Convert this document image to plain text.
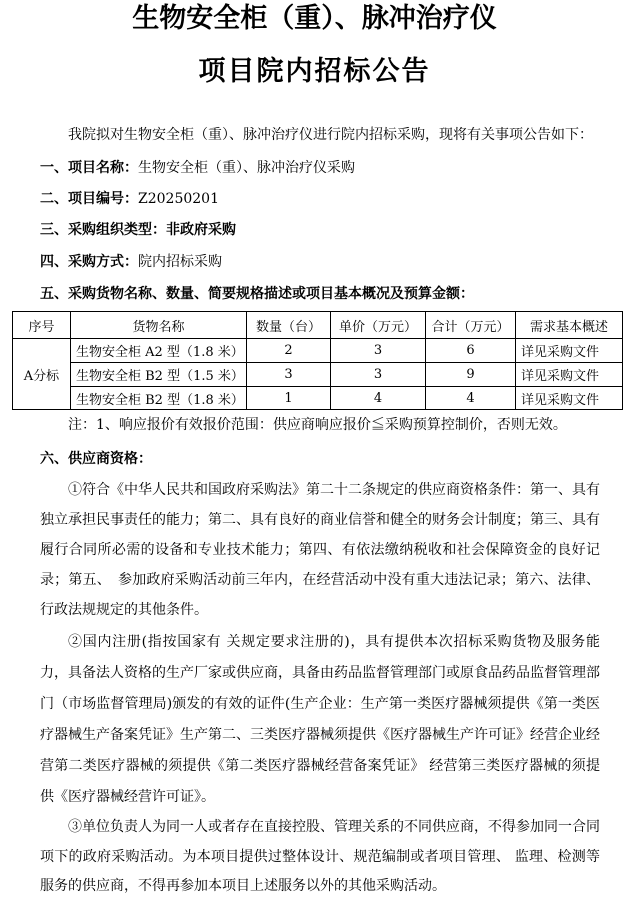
生物安全柜（重）、脉冲治疗仪
项目院内招标公告
我院拟对生物安全柜（重）、脉冲治疗仪进行院内招标采购，现将有关事项公告如下：
一、项目名称：生物安全柜（重）、脉冲治疗仪采购
二、项目编号：Z20250201
三、采购组织类型：非政府采购
四、采购方式：院内招标采购
五、采购货物名称、数量、简要规格描述或项目基本概况及预算金额：
序号	货物名称	数量（台）	单价（万元）	合计（万元）	需求基本概述
A分标	生物安全柜 A2 型（1.8 米）	2	3	6	详见采购文件
	生物安全柜 B2 型（1.5 米）	3	3	9	详见采购文件
	生物安全柜 B2 型（1.8 米）	1	4	4	详见采购文件
注：1、响应报价有效报价范围：供应商响应报价≦采购预算控制价，否则无效。
六、供应商资格：

①符合《中华人民共和国政府采购法》第二十二条规定的供应商资格条件：第一、具有独立承担民事责任的能力；第二、具有良好的商业信誉和健全的财务会计制度；第三、具有履行合同所必需的设备和专业技术能力；第四、有依法缴纳税收和社会保障资金的良好记录；第五、　参加政府采购活动前三年内，在经营活动中没有重大违法记录；第六、法律、行政法规规定的其他条件。

②国内注册(指按国家有 关规定要求注册的)，具有提供本次招标采购货物及服务能力，具备法人资格的生产厂家或供应商，具备由药品监督管理部门或原食品药品监督管理部门（市场监督管理局)颁发的有效的证件(生产企业：生产第一类医疗器械须提供《第一类医疗器械生产备案凭证》生产第二、三类医疗器械须提供《医疗器械生产许可证》经营企业经营第二类医疗器械的须提供《第二类医疗器械经营备案凭证》 经营第三类医疗器械的须提供《医疗器械经营许可证》。

③单位负责人为同一人或者存在直接控股、管理关系的不同供应商，不得参加同一合同项下的政府采购活动。为本项目提供过整体设计、规范编制或者项目管理、 监理、检测等服务的供应商，不得再参加本项目上述服务以外的其他采购活动。
